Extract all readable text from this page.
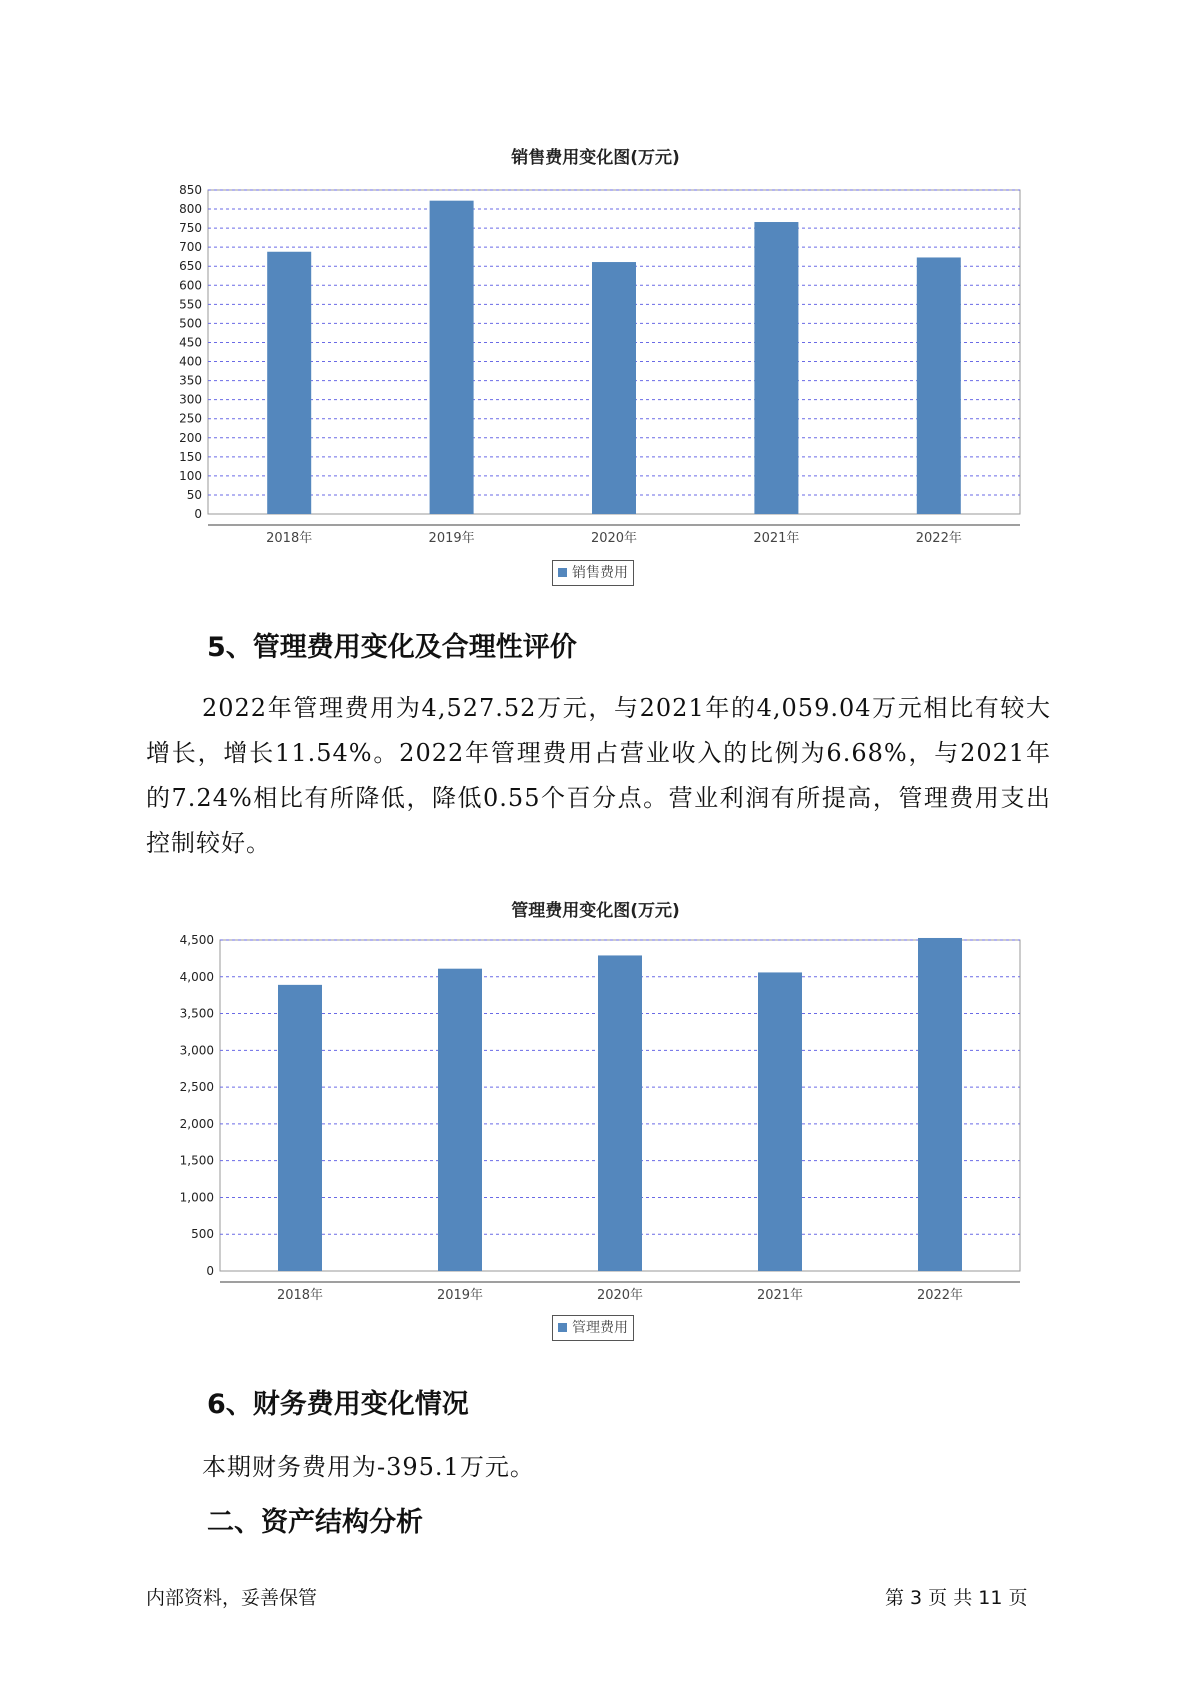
销售费用变化图(万元)
0
50
100
150
200
250
300
350
400
450
500
550
600
650
700
750
800
850
2018年	2019年	2020年	2021年	2022年
销售费用
5、管理费用变化及合理性评价

2022年管理费用为4,527.52万元，与2021年的4,059.04万元相比有较大增长，增长11.54%。2022年管理费用占营业收入的比例为6.68%，与2021年的7.24%相比有所降低，降低0.55个百分点。营业利润有所提高，管理费用支出控制较好。

管理费用变化图(万元)
0
500
1,000
1,500
2,000
2,500
3,000
3,500
4,000
4,500
2018年	2019年	2020年	2021年	2022年
管理费用
6、财务费用变化情况
本期财务费用为-395.1万元。
二、资产结构分析
内部资料，妥善保管	第 3 页 共 11 页
